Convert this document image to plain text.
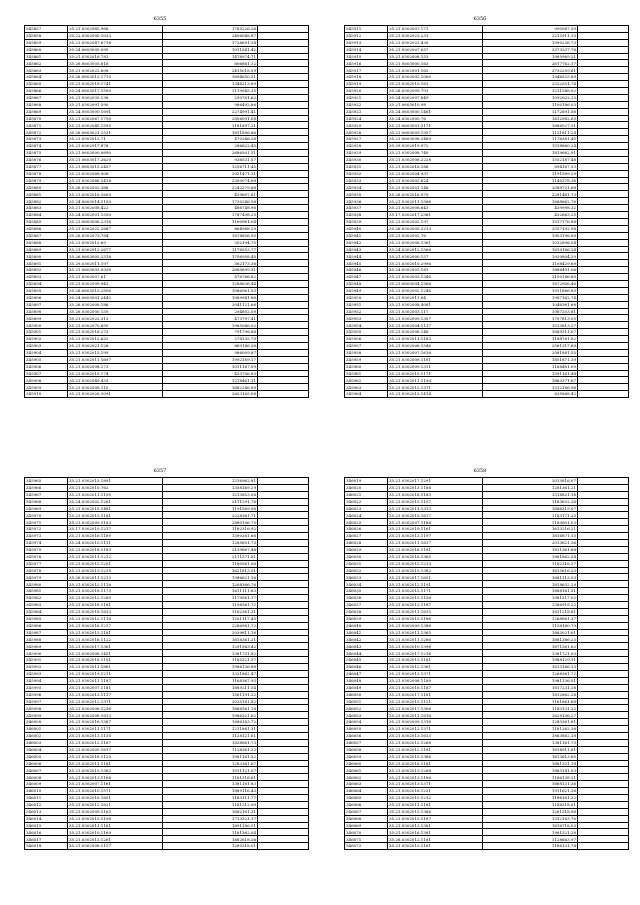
6355
345857	35.21.0302085.966	1785226.26	
345858	35.22.0302000.1033	2406048.87	
345859	35.21.0302047.6716	1726691.54	
345860	35.24.0603005.095	1011541.42	
345861	35.21.0302016.781	1478974.71	
345862	35.26.0603005.816	806861.32	
345863	35.21.0302022.608	2415018.59	
345864	35.26.0603013.1710	1694650.31	
345865	35.21.0302019.1741	1346213.69	
345866	35.24.0603017.1590	1119945.35	
345867	35.21.0302035.138	230761.62	
345868	35.21.0302091.590	986492.86	
345869	35.24.0603000.1691	2274991.41	
345870	35.21.0302067.1790	2856091.08	
345871	35.21.0302045.1595	1181897.21	
345872	35.26.0603021.2531	1811896.66	
345873	35.21.0302012.71	470246.26	
345874	35.21.0302017.878	286622.45	
345875	35.21.0603000.0690	2686501.51	
345876	35.21.0603017.2620	936531.57	
345877	35.21.0603015.2457	1256711.45	
345878	35.21.0302088.908	2021471.31	
345879	35.21.0302066.1418	2350074.68	
345880	35.26.0302003.368	2242279.68	
345881	35.21.0302016.1609	429697.61	
345882	35.24.0603014.1150	1720246.58	
345883	35.21.0302008.422	486748.96	
345884	35.24.0302001.1590	1787498.25	
345885	35.21.0603006.2316	1160961.04	
345886	35.21.0302022.2687	864968.29	
345887	35.26.0302073.784	1878856.95	
345888	35.21.0302012.69	202194.75	
345889	35.21.0302012.2677	1176553.77	
345890	35.26.0603005.2316	1756958.40	
345891	35.29.0302011.197	362173.36	
345892	35.21.0603005.0938	2669899.91	
345893	35.21.0302007.61	876766.82	
345894	35.21.0302099.943	1288636.44	
345895	35.26.0603015.2506	1086961.53	
345896	35.24.0603001.2442	1989941.86	
345897	35.26.0302008.186	2041121.66	
345898	35.26.0302000.159	294802.59	
345899	35.21.0302022.313	473797.41	
345900	35.21.0302070.655	1985946.02	
345901	35.21.0302016.273	791798.88	
345902	35.21.0302012.652	278135.79	
345903	35.21.0302021.128	869146.26	
345904	35.21.0302015.199	986009.87	
345905	35.21.0302011.1697	1992189.17	
345906	35.21.0302008.273	1011167.09	
345907	35.21.0302015.174	423706.83	
345908	35.21.0302049.433	1278461.11	
345909	35.21.0302008.110	1882246.89	
345910	35.21.0302026.3091	2603165.08	
6356
345911	35.21.0302007.171	990987.59	
345912	35.21.0302023.231	2213911.15	
345913	35.21.0302022.439	1990236.73	
345914	35.21.0302007.057	2373237.76	
345915	35.21.0302008.153	1985969.21	
345916	35.21.0603000.163	2617762.17	
345917	35.21.0302001.163	2732259.61	
345918	35.21.0302002.1060	1946525.69	
345919	35.21.0302010.161	2322551.74	
345920	35.26.0302009.701	1211588.02	
345921	35.24.0302007.849	1092022.13	
345922	35.21.0603010.98	1100186.03	
345923	35.24.0603000.1461	1172891.56	
345924	35.24.0302000.76	1612982.65	
345925	35.21.0603001.3171	1686527.51	
345926	35.21.0603009.1957	1121811.24	
345927	35.21.0603006.2460	1176381.45	
345928	35.29.0302019.972	1518860.24	
345929	35.21.0302008.740	1819662.91	
345930	35.21.0302008.2228	1552187.48	
345931	35.21.0302016.166	894167.53	
345932	35.21.0302004.937	1191589.29	
345933	35.21.0302002.624	1145378.36	
345934	35.21.0302001.148	2089721.68	
345935	35.26.0302016.979	2281461.73	
345936	35.21.0302011.1566	1668862.76	
345937	35.21.0302006.643	439998.32	
345938	35.17.0302017.2361	432663.25	
345939	35.21.0302002.197	1517176.88	
345940	35.26.0302005.2213	2557192.96	
345941	35.21.0302002.76	1903196.69	
345942	35.21.0302008.1361	1032898.04	
345943	35.24.0302012.1566	1819166.24	
345944	35.21.0302000.157	1920804.20	
345945	35.21.0302010.2996	1108429.69	
345946	35.24.0302003.181	1886491.06	
345947	35.21.0302003.1346	2150186.60	
345948	35.21.0603004.1566	1872956.46	
345949	35.21.0302002.1246	1911666.83	
345950	35.21.0302011.64	1987162.74	
345951	35.21.0302008.4081	1046361.68	
345952	35.21.0302003.117	1067203.81	
345953	35.21.0302009.1357	1707813.05	
345954	35.21.0302004.1117	1513813.27	
345955	35.21.0302006.146	1889311.07	
345956	35.21.0302011.1163	1188781.82	
345957	35.21.0302006.1546	2561317.69	
345958	35.21.0302007.1616	2081881.55	
345959	35.21.0302008.1181	1851871.39	
345960	35.21.0302009.1311	1168481.09	
345961	35.21.0302010.1171	1391161.48	
345962	35.21.0302011.1190	1883371.67	
345963	35.21.0302012.1371	1512186.96	
345964	35.21.0302013.1414	635868.42	
6357
345965	35.21.0302015.1891	1216962.81	
345966	35.21.0302010.762	1358169.29	
345967	35.21.0302011.1195	1213853.06	
345968	35.24.0302002.1261	2111291.76	
345969	35.21.0302015.1481	1191589.98	
345970	35.21.0302013.1181	2228361.71	
345971	35.21.0302009.1183	2880196.75	
345972	35.17.0302010.1217	1182316.92	
345973	35.21.0302016.1189	1390261.66	
345974	35.24.0302010.1111	1285601.73	
345975	35.21.0302018.1183	2139867.48	
345976	35.21.0302011.1212	2111371.81	
345977	35.21.0302012.1201	1180561.06	
345978	35.21.0302013.1215	1621813.01	
345979	35.26.0302011.1213	1986621.16	
345980	35.21.0302012.1116	1208366.76	
345981	35.21.0302018.1173	1611111.63	
345982	35.21.0302012.1280	1179561.17	
345983	35.21.0302016.1181	1198361.72	
345984	35.21.0302018.1613	1162361.31	
345985	35.21.0302012.1116	1201117.45	
345986	35.21.0302016.1217	2286981.72	
345987	35.21.0302013.1181	2039811.16	
345988	35.21.0302016.1122	1618361.21	
345989	35.21.0302017.1361	1291563.42	
345990	35.21.0302008.1451	1381731.82	
345991	35.21.0302018.1191	1185321.37	
345992	35.21.0302011.1661	1986136.88	
345993	35.21.0302019.1211	1321862.47	
345994	35.21.0302011.1187	1168367.93	
345995	35.21.0302007.1181	1889211.54	
345996	35.21.0302013.1117	1561191.22	
345997	35.21.0302012.1371	2035161.82	
345998	35.21.0302006.1236	1868361.18	
345999	35.21.0302008.1613	1986321.62	
346000	35.21.0302016.1387	1686183.72	
346001	35.21.0302011.1171	1211861.31	
346002	35.21.0302013.1135	1128121.61	
346003	35.21.0302012.1187	1838861.73	
346004	35.21.0302009.1617	1128361.22	
346005	35.21.0302016.1120	1981161.52	
346006	35.21.0302011.1181	1283361.67	
346007	35.21.0302013.1362	1911121.07	
346008	35.21.0302013.1168	1181318.61	
346009	35.21.0302007.1161	1381161.83	
346010	35.21.0302010.1571	1889116.43	
346011	35.21.0302016.1651	1183111.77	
346012	35.21.0302012.1621	1181312.99	
346013	35.21.0302009.1163	1882161.31	
346014	35.21.0302013.1198	1713321.17	
346015	35.21.0302011.1161	1891186.51	
346016	35.21.0302010.1169	1181362.04	
346017	35.21.0302012.1261	1882618.26	
346018	35.21.0302008.1157	1289318.01	
6358
346019	35.21.0302017.1291	2013816.07	
346020	35.21.0302013.1186	1281361.21	
346021	35.21.0302016.1183	1318821.18	
346022	35.21.0302013.1197	1183632.26	
346023	35.21.0302011.1313	1886319.07	
346024	35.21.0302015.1617	1183171.25	
346025	35.21.0302007.1186	1183601.03	
346026	35.21.0302010.1161	1613216.21	
346027	35.21.0302013.1197	1816871.13	
346028	35.21.0302011.1617	2013621.36	
346029	35.21.0302016.1181	1811361.88	
346030	35.21.0302016.1365	1881862.54	
346031	35.21.0302012.1213	1182316.37	
346032	35.21.0302013.1382	1613616.33	
346033	35.21.0302017.1651	1681113.03	
346034	35.21.0302012.1191	1818632.29	
346035	35.21.0302012.1171	1888161.51	
346036	35.21.0302013.1136	1981317.02	
346037	35.21.0302013.1187	1386918.22	
346038	35.21.0302011.1615	1611218.61	
346039	35.21.0302013.1186	1268861.37	
346040	35.21.0302009.1386	1138160.79	
346041	35.21.0302011.1365	1883021.61	
346042	35.21.0302011.1286	1881386.23	
346043	35.21.0302010.1396	1871361.62	
346044	35.21.0302017.1216	1381721.03	
346045	35.21.0302013.1161	1988129.11	
346046	35.21.0302012.1361	1613186.13	
346047	35.21.0302013.1371	1268361.72	
346048	35.21.0302008.1189	1981136.01	
346049	35.21.0302016.1187	1817231.26	
346050	35.21.0302017.1181	1812862.28	
346051	35.21.0302013.1121	1161861.68	
346052	35.21.0302017.1306	1183131.22	
346053	35.21.0302011.1616	1628136.27	
346054	35.21.0302009.1316	1283361.61	
346055	35.21.0302012.1371	1181262.36	
346056	35.21.0302013.1613	1883862.18	
346057	35.21.0302012.1268	1381161.73	
346058	35.21.0302012.1181	1618911.61	
346059	35.21.0302013.1386	1613613.65	
346060	35.21.0302016.1181	1881321.18	
346061	35.21.0302013.1268	1883181.03	
346062	35.21.0302013.1186	1186138.21	
346063	35.21.0302013.1371	1868131.36	
346064	35.21.0302016.1221	1911621.26	
346065	35.21.0302010.1212	1186161.32	
346066	35.21.0302011.1181	1188318.61	
346067	35.21.0302013.1386	1261318.98	
346068	35.21.0302013.1187	1312163.76	
346069	35.21.0302013.1381	1816718.03	
346070	35.21.0302016.1381	1981321.28	
346071	35.26.0302012.1181	1128663.97	
346072	35.21.0302013.1161	1186131.74	
